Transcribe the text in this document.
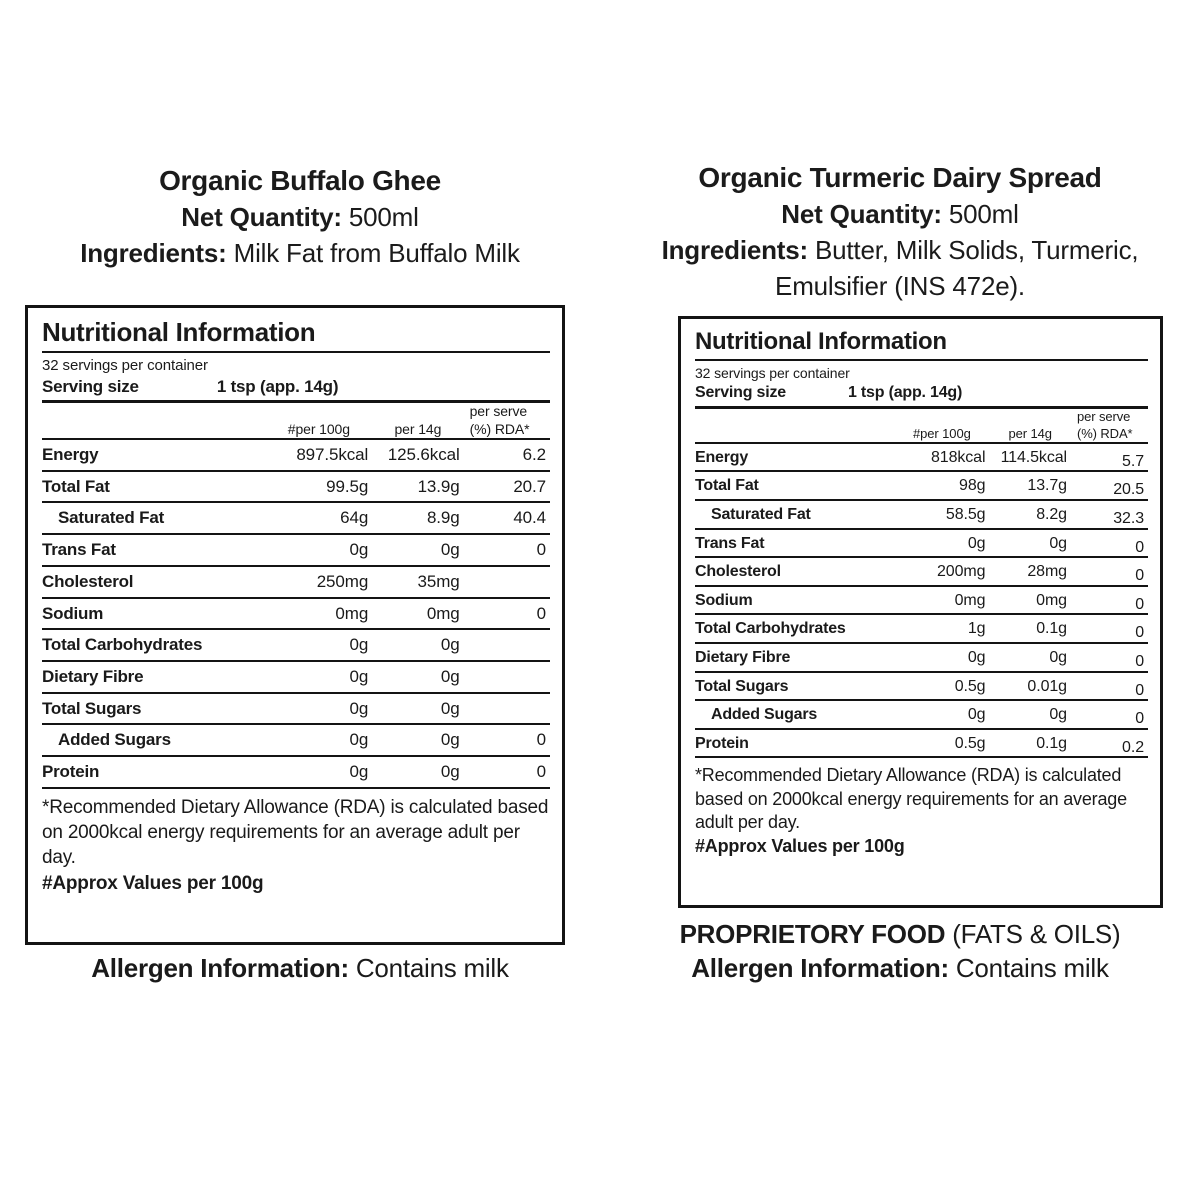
Organic Buffalo Ghee
Net Quantity: 500ml
Ingredients: Milk Fat from Buffalo Milk
Nutritional Information
32 servings per container
Serving size	1 tsp (app. 14g)
	#per 100g	per 14g	per serve
(%) RDA*

Energy	897.5kcal	125.6kcal	6.2
Total Fat	99.5g	13.9g	20.7
Saturated Fat	64g	8.9g	40.4
Trans Fat	0g	0g	0
Cholesterol	250mg	35mg	
Sodium	0mg	0mg	0
Total Carbohydrates	0g	0g	
Dietary Fibre	0g	0g	
Total Sugars	0g	0g	
Added Sugars	0g	0g	0
Protein	0g	0g	0
*Recommended Dietary Allowance (RDA) is calculated based on 2000kcal energy requirements for an average adult per day.
#Approx Values per 100g
Allergen Information: Contains milk
Organic Turmeric Dairy Spread
Net Quantity: 500ml
Ingredients: Butter, Milk Solids, Turmeric,
Emulsifier (INS 472e).
Nutritional Information
32 servings per container
Serving size	1 tsp (app. 14g)
	#per 100g	per 14g	per serve
(%) RDA*

Energy	818kcal	114.5kcal	5.7
Total Fat	98g	13.7g	20.5
Saturated Fat	58.5g	8.2g	32.3
Trans Fat	0g	0g	0
Cholesterol	200mg	28mg	0
Sodium	0mg	0mg	0
Total Carbohydrates	1g	0.1g	0
Dietary Fibre	0g	0g	0
Total Sugars	0.5g	0.01g	0
Added Sugars	0g	0g	0
Protein	0.5g	0.1g	0.2
*Recommended Dietary Allowance (RDA) is calculated based on 2000kcal energy requirements for an average adult per day.
#Approx Values per 100g
PROPRIETORY FOOD (FATS & OILS)
Allergen Information: Contains milk
